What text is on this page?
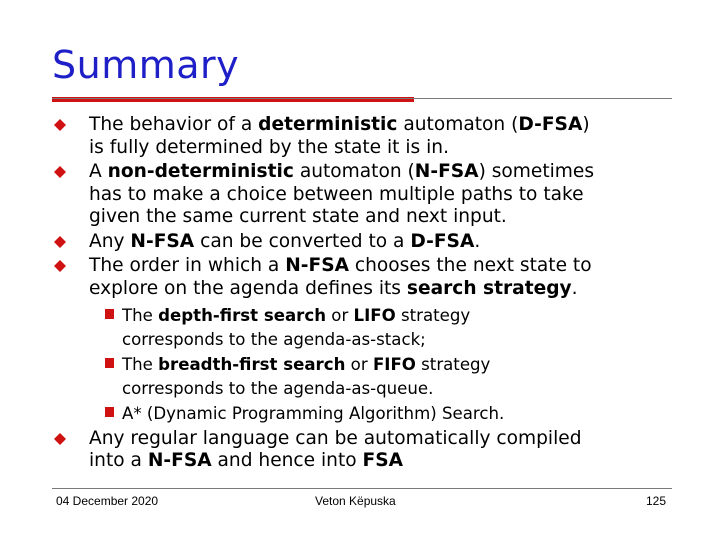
Summary
The behavior of a deterministic automaton (D-FSA)
is fully determined by the state it is in.
A non-deterministic automaton (N-FSA) sometimes
has to make a choice between multiple paths to take
given the same current state and next input.
Any N-FSA can be converted to a D-FSA.
The order in which a N-FSA chooses the next state to
explore on the agenda defines its search strategy.
The depth-first search or LIFO strategy
corresponds to the agenda-as-stack;
The breadth-first search or FIFO strategy
corresponds to the agenda-as-queue.
A* (Dynamic Programming Algorithm) Search.
Any regular language can be automatically compiled
into a N-FSA and hence into FSA
04 December 2020	Veton Këpuska	125
